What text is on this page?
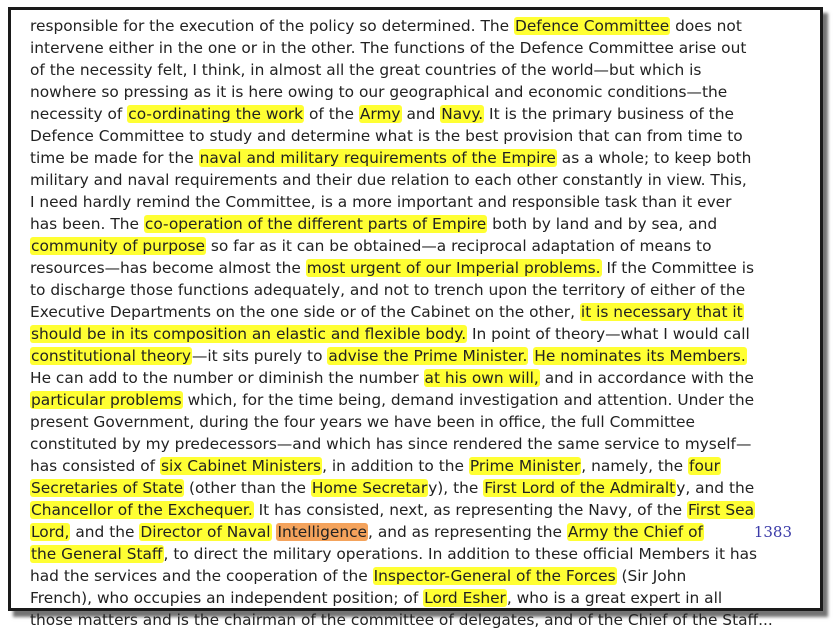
responsible for the execution of the policy so determined. The Defence Committee does not
intervene either in the one or in the other. The functions of the Defence Committee arise out
of the necessity felt, I think, in almost all the great countries of the world—but which is
nowhere so pressing as it is here owing to our geographical and economic conditions—the
necessity of co-ordinating the work of the Army and Navy. It is the primary business of the
Defence Committee to study and determine what is the best provision that can from time to
time be made for the naval and military requirements of the Empire as a whole; to keep both
military and naval requirements and their due relation to each other constantly in view. This,
I need hardly remind the Committee, is a more important and responsible task than it ever
has been. The co-operation of the different parts of Empire both by land and by sea, and
community of purpose so far as it can be obtained—a reciprocal adaptation of means to
resources—has become almost the most urgent of our Imperial problems. If the Committee is
to discharge those functions adequately, and not to trench upon the territory of either of the
Executive Departments on the one side or of the Cabinet on the other, it is necessary that it
should be in its composition an elastic and flexible body. In point of theory—what I would call
constitutional theory—it sits purely to advise the Prime Minister. He nominates its Members.
He can add to the number or diminish the number at his own will, and in accordance with the
particular problems which, for the time being, demand investigation and attention. Under the
present Government, during the four years we have been in office, the full Committee
constituted by my predecessors—and which has since rendered the same service to myself—
has consisted of six Cabinet Ministers, in addition to the Prime Minister, namely, the four
Secretaries of State (other than the Home Secretary), the First Lord of the Admiralty, and the
Chancellor of the Exchequer. It has consisted, next, as representing the Navy, of the First Sea
Lord, and the Director of Naval Intelligence, and as representing the Army the Chief of	1383
the General Staff, to direct the military operations. In addition to these official Members it has
had the services and the cooperation of the Inspector-General of the Forces (Sir John
French), who occupies an independent position; of Lord Esher, who is a great expert in all
those matters and is the chairman of the committee of delegates, and of the Chief of the Staff...
